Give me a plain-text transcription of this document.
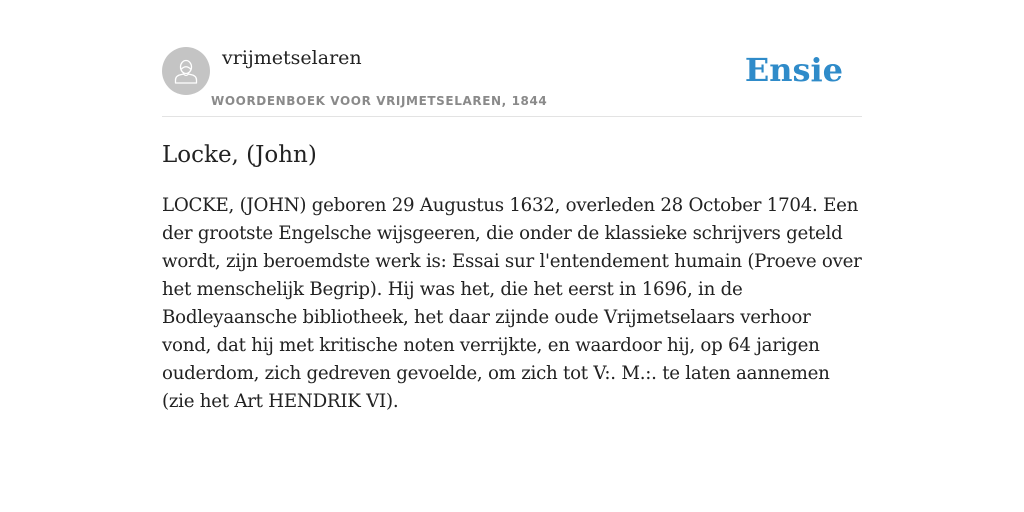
vrijmetselaren
WOORDENBOEK VOOR VRIJMETSELAREN, 1844
Ensie
Locke, (John)

LOCKE, (JOHN) geboren 29 Augustus 1632, overleden 28 October 1704. Een der grootste Engelsche wijsgeeren, die onder de klassieke schrijvers geteld wordt, zijn beroemdste werk is: Essai sur l'entendement humain (Proeve over het menschelijk Begrip). Hij was het, die het eerst in 1696, in de Bodleyaansche bibliotheek, het daar zijnde oude Vrijmetselaars verhoor vond, dat hij met kritische noten verrijkte, en waardoor hij, op 64 jarigen ouderdom, zich gedreven gevoelde, om zich tot V:. M.:. te laten aannemen (zie het Art HENDRIK VI).
